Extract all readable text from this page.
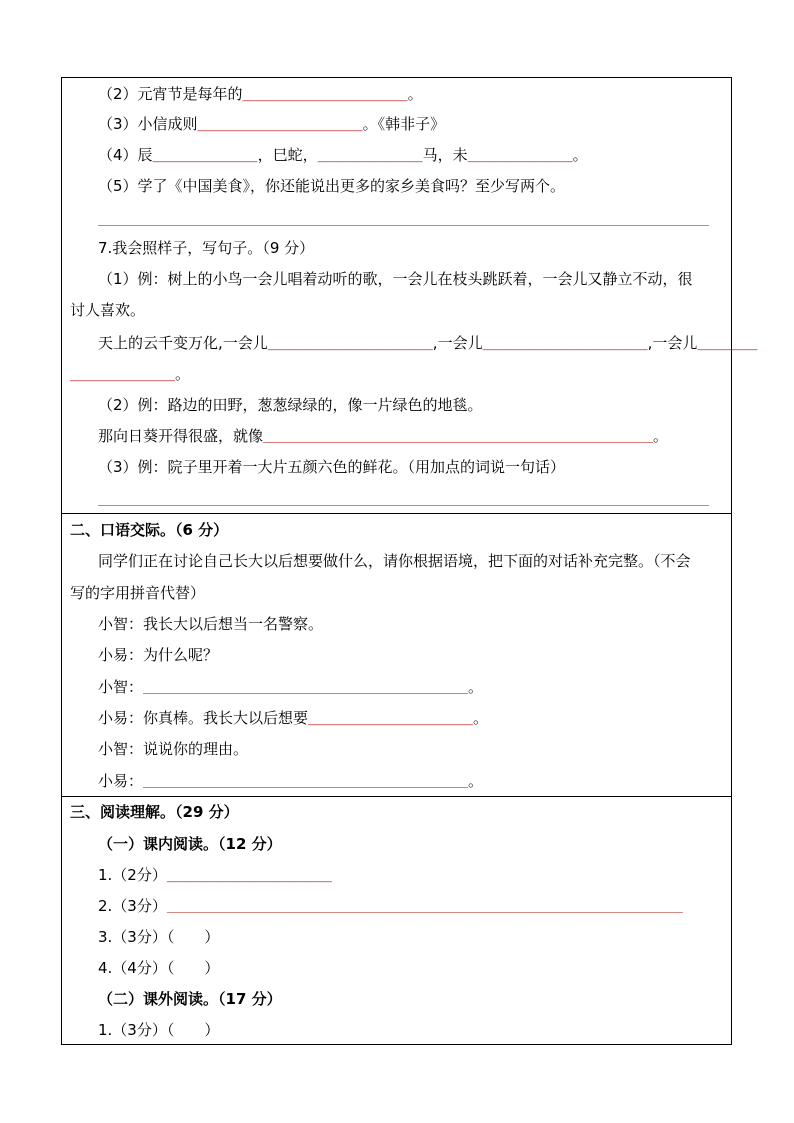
（2）元宵节是每年的＿＿＿＿＿＿＿＿＿＿＿。
（3）小信成则＿＿＿＿＿＿＿＿＿＿＿。《韩非子》
（4）辰＿＿＿＿＿＿＿，巳蛇，＿＿＿＿＿＿＿马，未＿＿＿＿＿＿＿。
（5）学了《中国美食》，你还能说出更多的家乡美食吗？至少写两个。
＿＿＿＿＿＿＿＿＿＿＿＿＿＿＿＿＿＿＿＿＿＿＿＿＿＿＿＿＿＿＿＿＿＿＿＿＿＿＿＿＿＿＿＿＿＿＿
7.我会照样子，写句子。（9 分）
（1）例：树上的小鸟一会儿唱着动听的歌，一会儿在枝头跳跃着，一会儿又静立不动，很
讨人喜欢。
天上的云千变万化,一会儿＿＿＿＿＿＿＿＿＿＿＿,一会儿＿＿＿＿＿＿＿＿＿＿＿,一会儿＿＿＿＿
＿＿＿＿＿＿＿。
（2）例：路边的田野，葱葱绿绿的，像一片绿色的地毯。
那向日葵开得很盛，就像＿＿＿＿＿＿＿＿＿＿＿＿＿＿＿＿＿＿＿＿＿＿＿＿＿＿＿＿＿＿。
（3）例：院子里开着一大片五颜六色的鲜花。（用加点的词说一句话）
＿＿＿＿＿＿＿＿＿＿＿＿＿＿＿＿＿＿＿＿＿＿＿＿＿＿＿＿＿＿＿＿＿＿＿＿＿＿＿＿＿＿＿＿＿＿＿
二、口语交际。（6 分）
同学们正在讨论自己长大以后想要做什么，请你根据语境，把下面的对话补充完整。（不会
写的字用拼音代替）
小智：我长大以后想当一名警察。
小易：为什么呢？
小智：＿＿＿＿＿＿＿＿＿＿＿＿＿＿＿＿＿＿＿＿＿＿＿＿＿。
小易：你真棒。我长大以后想要＿＿＿＿＿＿＿＿＿＿＿。
小智：说说你的理由。
小易：＿＿＿＿＿＿＿＿＿＿＿＿＿＿＿＿＿＿＿＿＿＿＿＿＿。
三、阅读理解。（29 分）
（一）课内阅读。（12 分）
1.（2分）＿＿＿＿＿＿＿＿＿＿＿
2.（3分）＿＿＿＿＿＿＿＿＿＿＿＿＿＿＿＿＿＿＿＿＿＿＿＿＿＿＿＿＿＿＿＿＿＿＿＿＿＿＿＿＿＿＿
3.（3分）（　　）
4.（4分）（　　）
（二）课外阅读。（17 分）
1.（3分）（　　）
